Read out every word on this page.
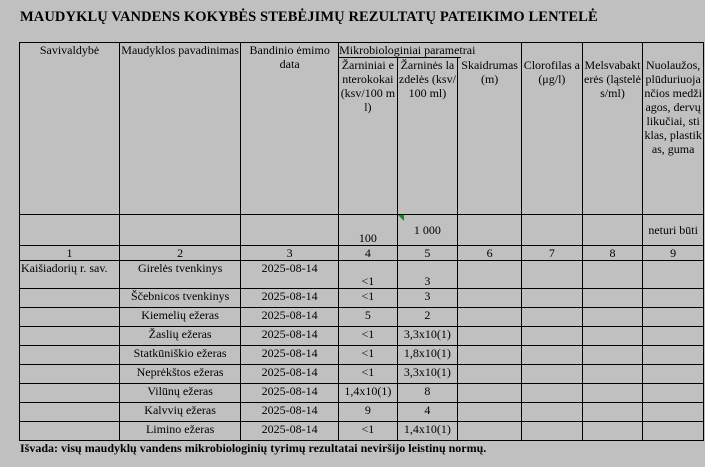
MAUDYKLŲ VANDENS KOKYBĖS STEBĖJIMŲ REZULTATŲ PATEIKIMO LENTELĖ
Savivaldybė	Maudyklos pavadinimas	Bandinio ėmimo data	Mikrobiologiniai parametrai
Žarniniai enterokokai (ksv/100 ml)	Žarninės lazdelės (ksv/100 ml)	Skaidrumas (m)	Clorofilas a (μg/l)	Melsvabakterės (ląstelės/ml)	Nuolaužos, plūduriuojančios medžiagos, dervų likučiai, stiklas, plastikas, guma
			100	1 000				neturi būti
1	2	3	4	5	6	7	8	9
Kaišiadorių r. sav.	Girelės tvenkinys	2025-08-14	<1	3				
	Ščebnicos tvenkinys	2025-08-14	<1	3				
	Kiemelių ežeras	2025-08-14	5	2				
	Žaslių ežeras	2025-08-14	<1	3,3x10(1)				
	Statkūniškio ežeras	2025-08-14	<1	1,8x10(1)				
	Neprėkštos ežeras	2025-08-14	<1	3,3x10(1)				
	Vilūnų ežeras	2025-08-14	1,4x10(1)	8				
	Kalvvių ežeras	2025-08-14	9	4				
	Limino ežeras	2025-08-14	<1	1,4x10(1)				
Išvada: visų maudyklų vandens mikrobiologinių tyrimų rezultatai neviršijo leistinų normų.
